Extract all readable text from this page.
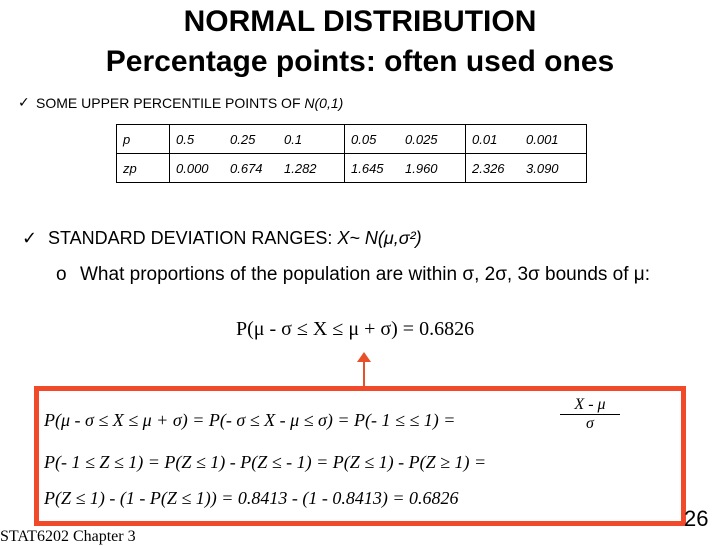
NORMAL DISTRIBUTION
Percentage points: often used ones
✓ SOME UPPER PERCENTILE POINTS OF N(0,1)
p	0.5 0.25 0.1	0.05 0.025	0.01 0.001
zp	0.000 0.674 1.282	1.645 1.960	2.326 3.090
✓ STANDARD DEVIATION RANGES: X~ N(μ,σ²)
o What proportions of the population are within σ, 2σ, 3σ bounds of μ:
P(μ - σ ≤ X ≤ μ + σ) = 0.6826
$\frac{X - \mu}{\sigma}$
P(μ - σ ≤ X ≤ μ + σ) = P(- σ ≤ X - μ ≤ σ) = P(- 1 ≤ ≤ 1) =
P(- 1 ≤ Z ≤ 1) = P(Z ≤ 1) - P(Z ≤ - 1) = P(Z ≤ 1) - P(Z ≥ 1) =
P(Z ≤ 1) - (1 - P(Z ≤ 1)) = 0.8413 - (1 - 0.8413) = 0.6826
26
STAT6202 Chapter 3
